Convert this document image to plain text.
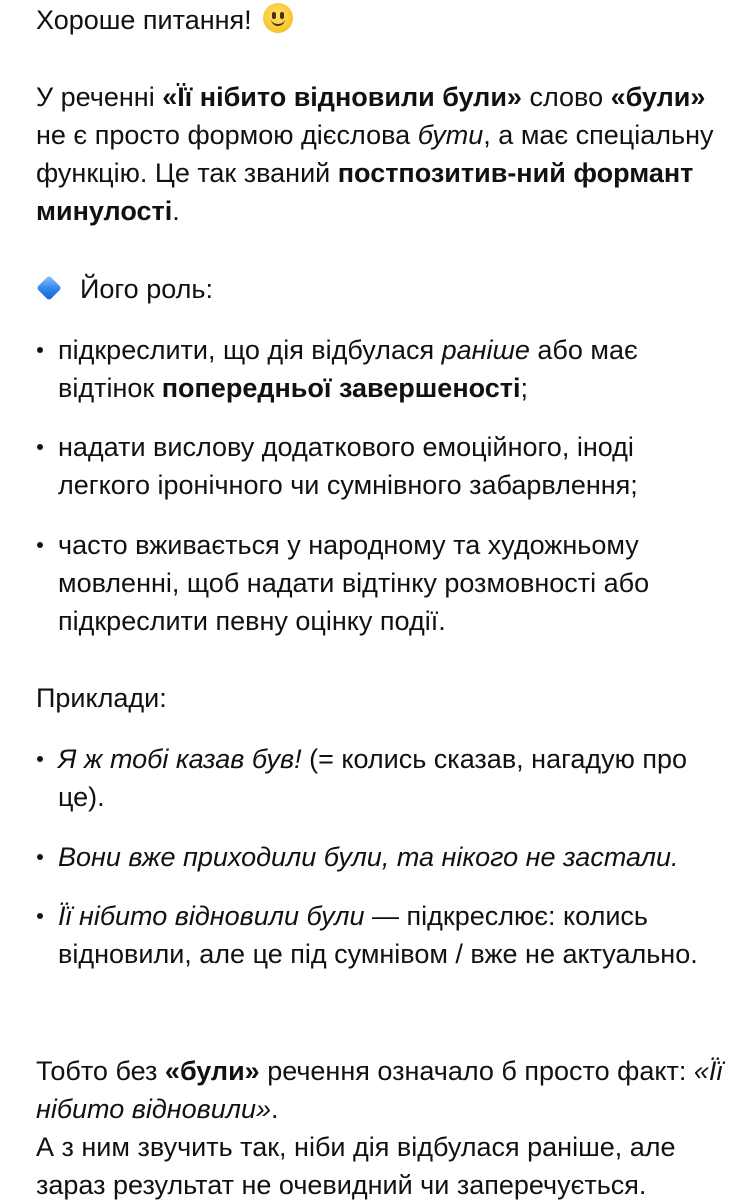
Хороше питання!

У реченні «Її нібито відновили були» слово «були» не є просто формою дієслова бути, а має спеціальну функцію. Це так званий постпозитив-ний формант минулості.

Його роль:

підкреслити, що дія відбулася раніше або має відтінок попередньої завершеності;
надати вислову додаткового емоційного, іноді легкого іронічного чи сумнівного забарвлення;
часто вживається у народному та художньому мовленні, щоб надати відтінку розмовності або підкреслити певну оцінку події.

Приклади:

Я ж тобі казав був! (= колись сказав, нагадую про це).
Вони вже приходили були, та нікого не застали.
Її нібито відновили були — підкреслює: колись відновили, але це під сумнівом / вже не актуально.

Тобто без «були» речення означало б просто факт: «Її нібито відновили».
А з ним звучить так, ніби дія відбулася раніше, але зараз результат не очевидний чи заперечується.
